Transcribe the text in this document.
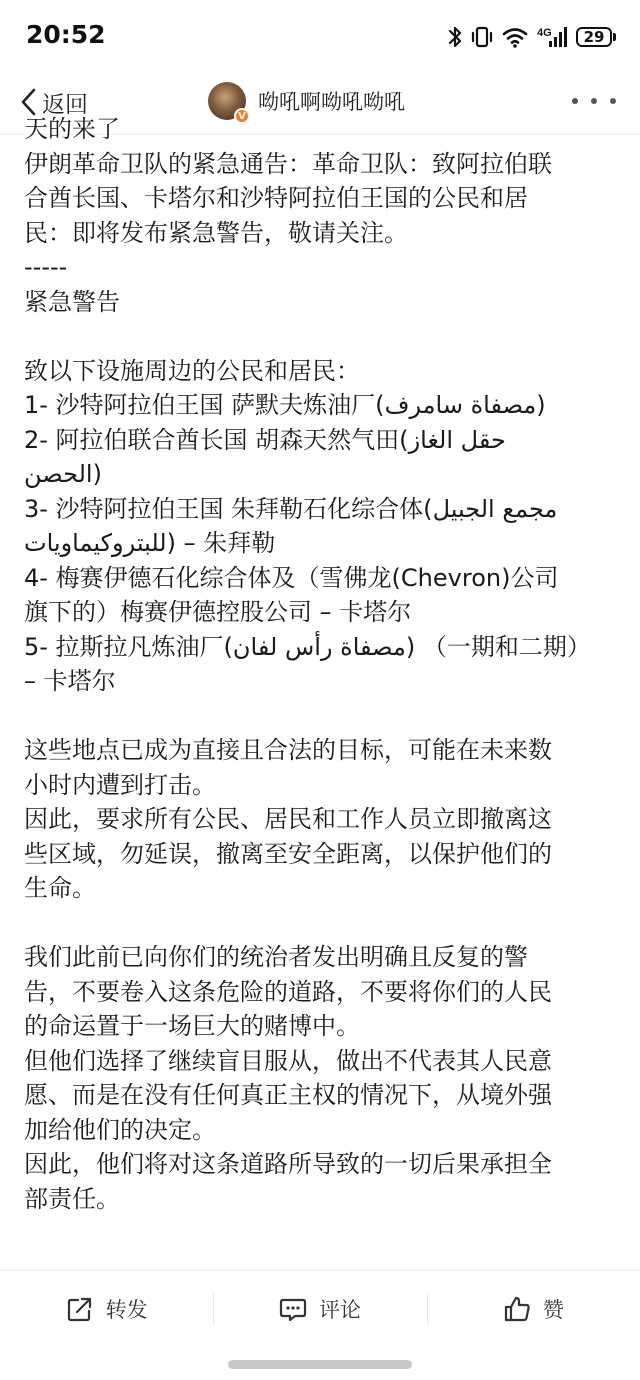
20:52	4G	29
返回	V
呦吼啊呦吼呦吼
天的来了
伊朗革命卫队的紧急通告：革命卫队：致阿拉伯联
合酋长国、卡塔尔和沙特阿拉伯王国的公民和居
民：即将发布紧急警告，敬请关注。
-----
紧急警告
致以下设施周边的公民和居民：
1- 沙特阿拉伯王国 萨默夫炼油厂(مصفاة سامرف)
2- 阿拉伯联合酋长国 胡森天然气田(حقل الغاز
الحصن)
3- 沙特阿拉伯王国 朱拜勒石化综合体(مجمع الجبيل
للبتروكيماويات) – 朱拜勒
4- 梅赛伊德石化综合体及（雪佛龙(Chevron)公司
旗下的）梅赛伊德控股公司 – 卡塔尔
5- 拉斯拉凡炼油厂(مصفاة رأس لفان) （一期和二期）
– 卡塔尔
这些地点已成为直接且合法的目标，可能在未来数
小时内遭到打击。
因此，要求所有公民、居民和工作人员立即撤离这
些区域，勿延误，撤离至安全距离，以保护他们的
生命。
我们此前已向你们的统治者发出明确且反复的警
告，不要卷入这条危险的道路，不要将你们的人民
的命运置于一场巨大的赌博中。
但他们选择了继续盲目服从，做出不代表其人民意
愿、而是在没有任何真正主权的情况下，从境外强
加给他们的决定。
因此，他们将对这条道路所导致的一切后果承担全
部责任。
转发	评论	赞
